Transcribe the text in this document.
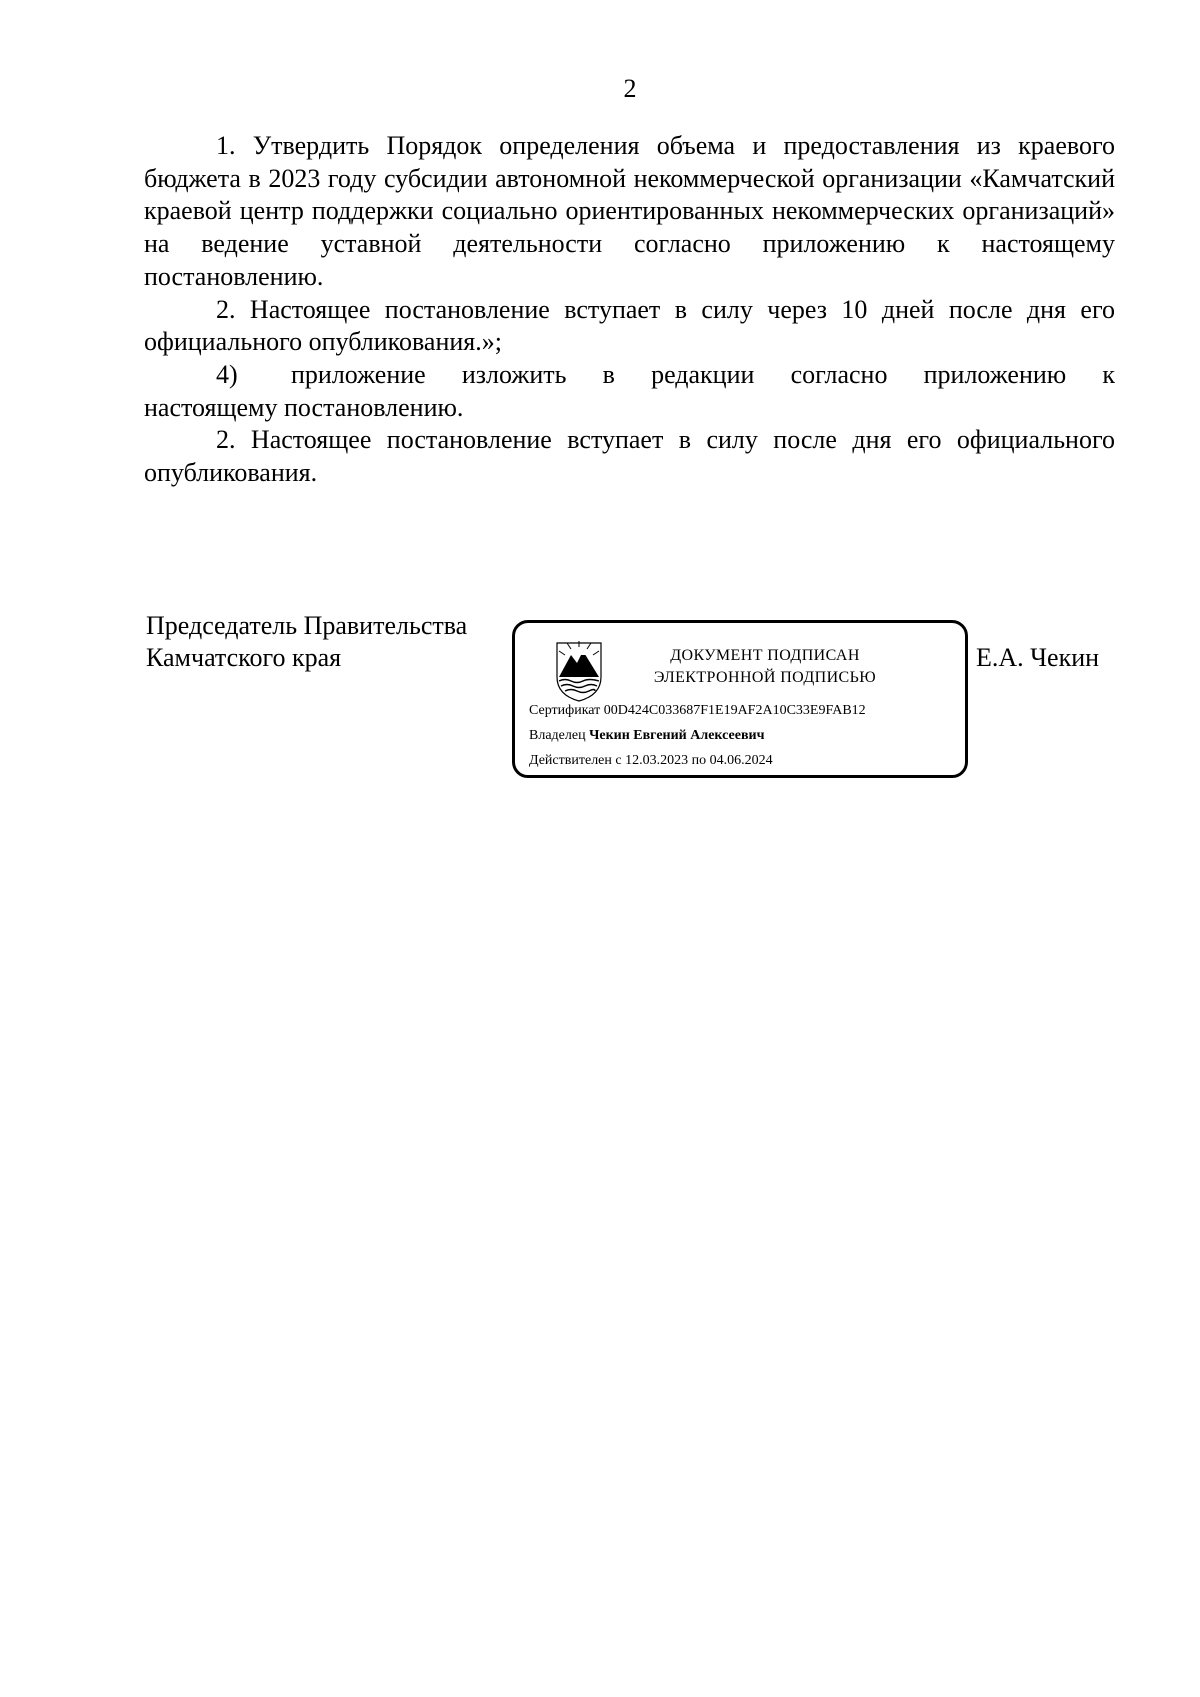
2

1. Утвердить Порядок определения объема и предоставления из краевого бюджета в 2023 году субсидии автономной некоммерческой организации «Камчатский краевой центр поддержки социально ориентированных некоммерческих организаций» на ведение уставной деятельности согласно приложению к настоящему постановлению.

2. Настоящее постановление вступает в силу через 10 дней после дня его официального опубликования.»;

4)	приложение изложить в редакции согласно приложению к

настоящему постановлению.

2. Настоящее постановление вступает в силу после дня его официального опубликования.

Председатель Правительства
Камчатского края	ДОКУМЕНТ ПОДПИСАН
ЭЛЕКТРОННОЙ ПОДПИСЬЮ
Сертификат 00D424C033687F1E19AF2A10C33E9FAB12
Владелец Чекин Евгений Алексеевич
Действителен с 12.03.2023 по 04.06.2024
Е.А. Чекин
